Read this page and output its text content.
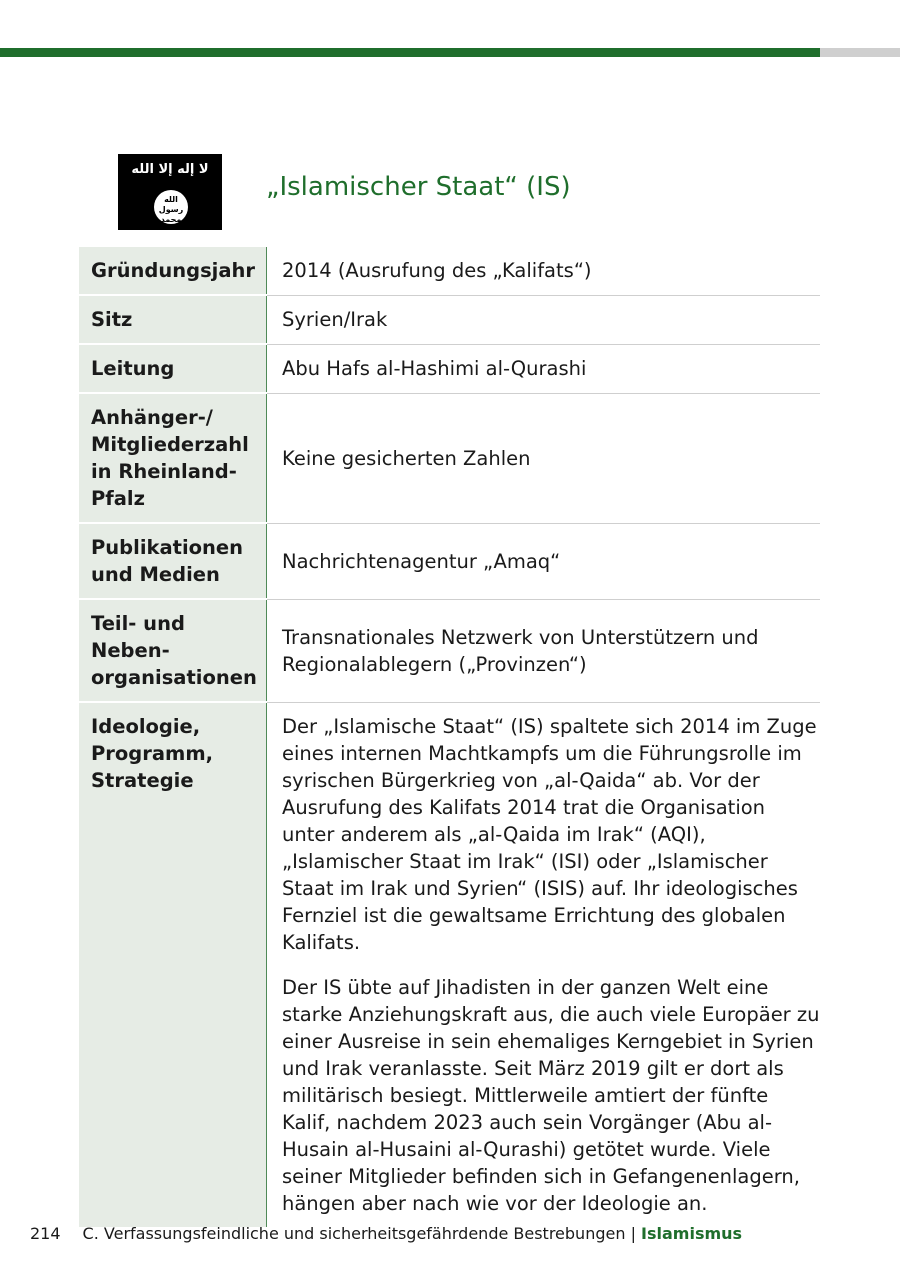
لا إله إلا الله
الله رسول محمد
„Islamischer Staat“ (IS)
Gründungsjahr	2014 (Ausrufung des „Kalifats“)
Sitz	Syrien/Irak
Leitung	Abu Hafs al-Hashimi al-Qurashi
Anhänger-/ Mitgliederzahl in Rheinland-Pfalz	Keine gesicherten Zahlen
Publikationen und Medien	Nachrichtenagentur „Amaq“
Teil- und Neben-organisationen	Transnationales Netzwerk von Unterstützern und Regionalablegern („Provinzen“)
Ideologie, Programm, Strategie	Der „Islamische Staat“ (IS) spaltete sich 2014 im Zuge eines internen Machtkampfs um die Führungsrolle im syrischen Bürgerkrieg von „al-Qaida“ ab. Vor der Ausrufung des Kalifats 2014 trat die Organisation unter anderem als „al-Qaida im Irak“ (AQI), „Islamischer Staat im Irak“ (ISI) oder „Islamischer Staat im Irak und Syrien“ (ISIS) auf. Ihr ideologisches Fernziel ist die gewaltsame Errichtung des globalen Kalifats.

Der IS übte auf Jihadisten in der ganzen Welt eine starke Anziehungskraft aus, die auch viele Europäer zu einer Ausreise in sein ehemaliges Kerngebiet in Syrien und Irak veranlasste. Seit März 2019 gilt er dort als militärisch besiegt. Mittlerweile amtiert der fünfte Kalif, nachdem 2023 auch sein Vorgänger (Abu al-Husain al-Husaini al-Qurashi) getötet wurde. Viele seiner Mitglieder befinden sich in Gefangenenlagern, hängen aber nach wie vor der Ideologie an.

214 C. Verfassungsfeindliche und sicherheitsgefährdende Bestrebungen | Islamismus
